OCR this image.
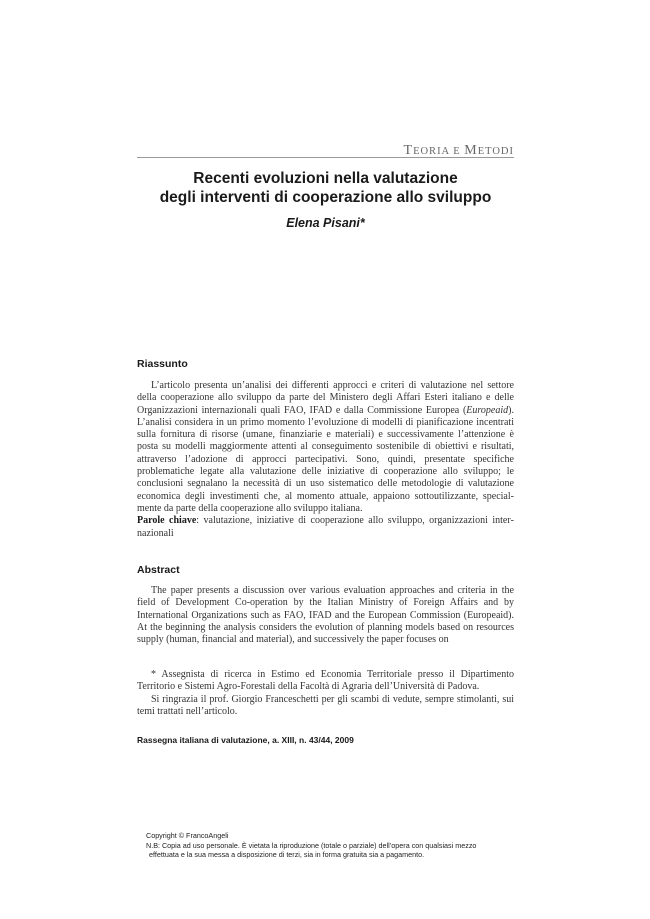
TEORIA E METODI
Recenti evoluzioni nella valutazione
degli interventi di cooperazione allo sviluppo
Elena Pisani*
Riassunto

L’articolo presenta un’analisi dei differenti approcci e criteri di valutazione nel settore della cooperazione allo sviluppo da parte del Ministero degli Affari Esteri italiano e delle Organizzazioni internazionali quali FAO, IFAD e dalla Commissione Europea (Europeaid). L’analisi considera in un primo momento l’evoluzione di modelli di pianificazione incentrati sulla fornitura di risorse (umane, finanziarie e materiali) e successivamente l’attenzione è posta su modelli maggiormente attenti al conseguimento sostenibile di obiettivi e risultati, attraverso l’adozione di approcci partecipativi. Sono, quindi, presentate specifiche problematiche legate alla valutazione delle iniziative di cooperazione allo sviluppo; le conclusioni segnalano la necessità di un uso sistematico delle metodologie di valutazione economica degli investimenti che, al momento attuale, appaiono sottoutilizzante, specialmente da parte della cooperazione allo sviluppo italiana.

Parole chiave: valutazione, iniziative di cooperazione allo sviluppo, organizzazioni internazionali

Abstract

The paper presents a discussion over various evaluation approaches and criteria in the field of Development Co-operation by the Italian Ministry of Foreign Affairs and by International Organizations such as FAO, IFAD and the European Commission (Europeaid). At the beginning the analysis considers the evolution of planning models based on resources supply (human, financial and material), and successively the paper focuses on

* Assegnista di ricerca in Estimo ed Economia Territoriale presso il Dipartimento Territorio e Sistemi Agro-Forestali della Facoltà di Agraria dell’Università di Padova.

Si ringrazia il prof. Giorgio Franceschetti per gli scambi di vedute, sempre stimolanti, sui temi trattati nell’articolo.

Rassegna italiana di valutazione, a. XIII, n. 43/44, 2009
Copyright © FrancoAngeli
N.B: Copia ad uso personale. È vietata la riproduzione (totale o parziale) dell’opera con qualsiasi mezzo
effettuata e la sua messa a disposizione di terzi, sia in forma gratuita sia a pagamento.
